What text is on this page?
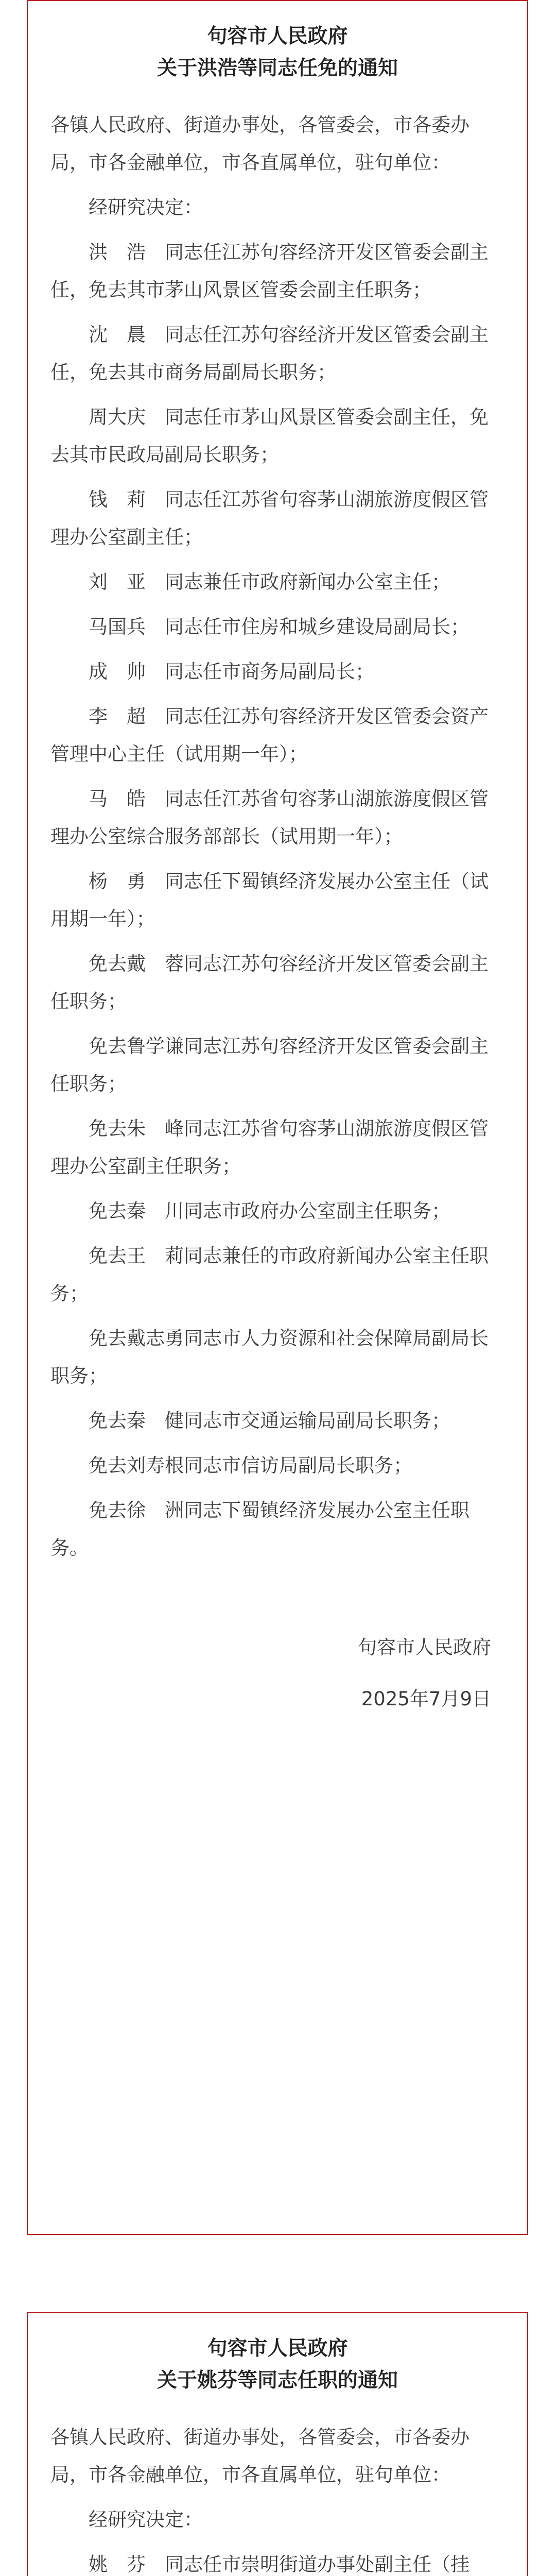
句容市人民政府
关于洪浩等同志任免的通知
各镇人民政府、街道办事处，各管委会，市各委办局，市各金融单位，市各直属单位，驻句单位：
经研究决定：
洪　浩　同志任江苏句容经济开发区管委会副主任，免去其市茅山风景区管委会副主任职务；
沈　晨　同志任江苏句容经济开发区管委会副主任，免去其市商务局副局长职务；
周大庆　同志任市茅山风景区管委会副主任，免去其市民政局副局长职务；
钱　莉　同志任江苏省句容茅山湖旅游度假区管理办公室副主任；
刘　亚　同志兼任市政府新闻办公室主任；
马国兵　同志任市住房和城乡建设局副局长；
成　帅　同志任市商务局副局长；
李　超　同志任江苏句容经济开发区管委会资产管理中心主任（试用期一年）；
马　皓　同志任江苏省句容茅山湖旅游度假区管理办公室综合服务部部长（试用期一年）；
杨　勇　同志任下蜀镇经济发展办公室主任（试用期一年）；
免去戴　蓉同志江苏句容经济开发区管委会副主任职务；
免去鲁学谦同志江苏句容经济开发区管委会副主任职务；
免去朱　峰同志江苏省句容茅山湖旅游度假区管理办公室副主任职务；
免去秦　川同志市政府办公室副主任职务；
免去王　莉同志兼任的市政府新闻办公室主任职务；
免去戴志勇同志市人力资源和社会保障局副局长职务；
免去秦　健同志市交通运输局副局长职务；
免去刘寿根同志市信访局副局长职务；
免去徐　洲同志下蜀镇经济发展办公室主任职务。
句容市人民政府
2025年7月9日
句容市人民政府
关于姚芬等同志任职的通知
各镇人民政府、街道办事处，各管委会，市各委办局，市各金融单位，市各直属单位，驻句单位：
经研究决定：
姚　芬　同志任市崇明街道办事处副主任（挂
